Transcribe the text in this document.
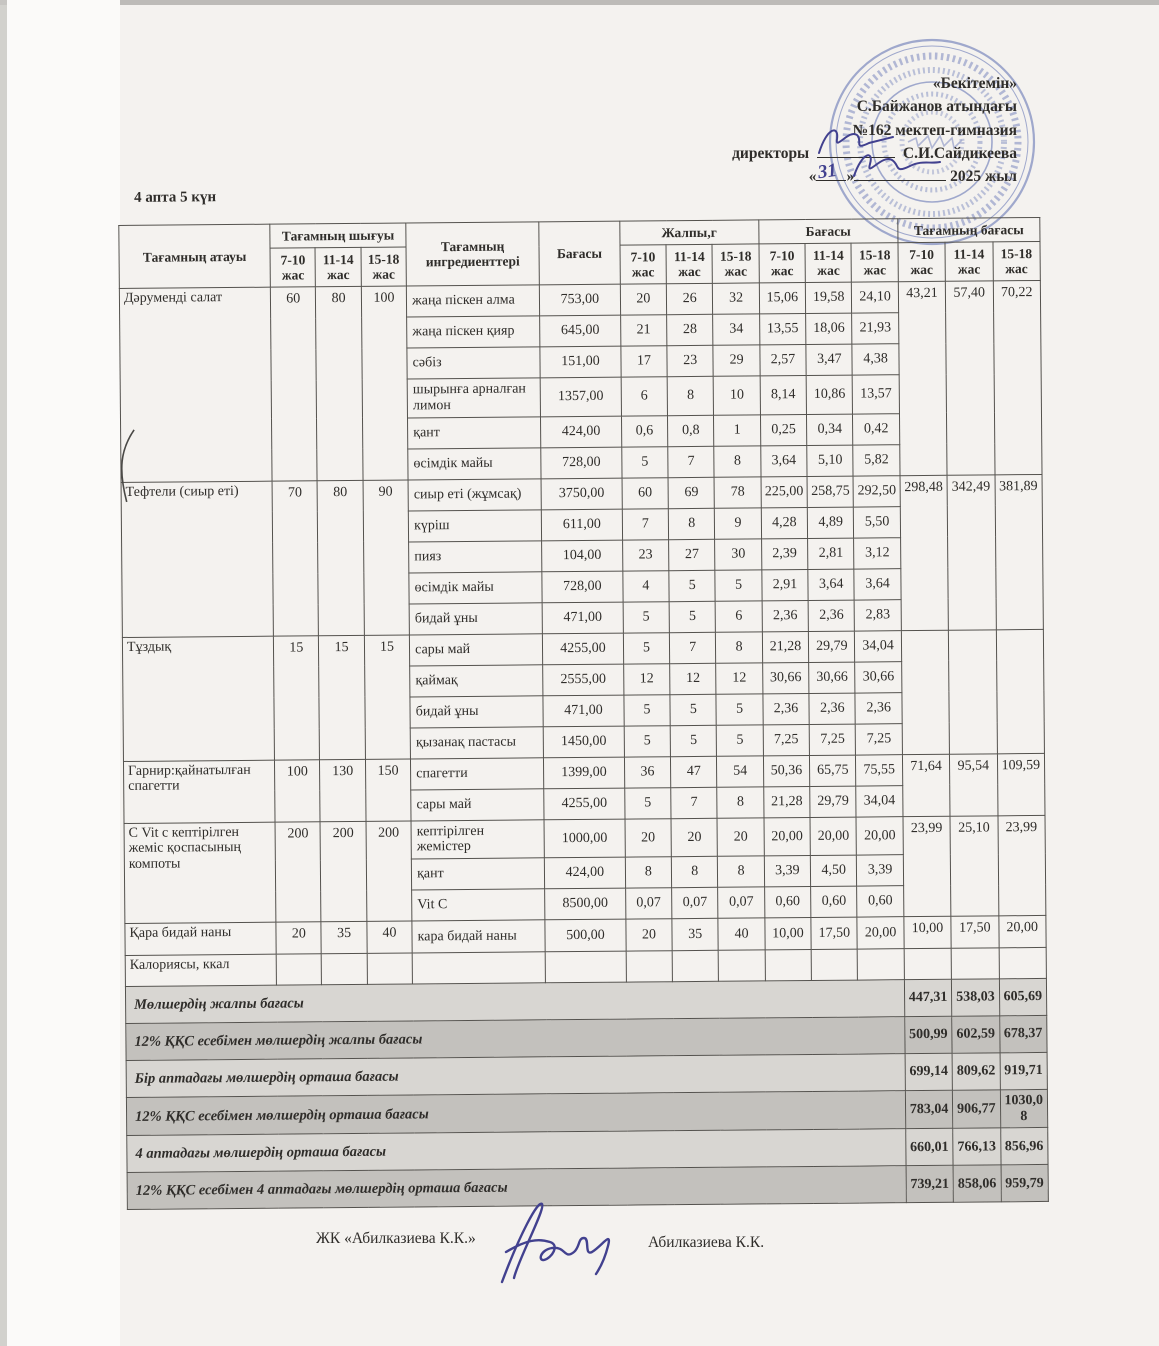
«Бекітемін»
С.Байжанов атындағы
№162 мектеп-гимназия
директоры	С.И.Сайдикеева
« 31 »	2025 жыл
4 апта 5 күн
Тағамның атауы	Тағамның шығуы			Тағамның ингредиенттері	Бағасы	Жалпы,г			Бағасы			Тағамның бағасы		
	7-10 жас	11-14 жас	15-18 жас			7-10 жас	11-14 жас	15-18 жас	7-10 жас	11-14 жас	15-18 жас	7-10 жас	11-14 жас	15-18 жас
Дәруменді салат	60	80	100	жаңа піскен алма	753,00	20	26	32	15,06	19,58	24,10	43,21	57,40	70,22
				жаңа піскен қияр	645,00	21	28	34	13,55	18,06	21,93			
				сәбіз	151,00	17	23	29	2,57	3,47	4,38			
				шырынға арналған лимон	1357,00	6	8	10	8,14	10,86	13,57			
				қант	424,00	0,6	0,8	1	0,25	0,34	0,42			
				өсімдік майы	728,00	5	7	8	3,64	5,10	5,82			
Тефтели (сиыр еті)	70	80	90	сиыр еті (жұмсақ)	3750,00	60	69	78	225,00	258,75	292,50	298,48	342,49	381,89
				күріш	611,00	7	8	9	4,28	4,89	5,50			
				пияз	104,00	23	27	30	2,39	2,81	3,12			
				өсімдік майы	728,00	4	5	5	2,91	3,64	3,64			
				бидай ұны	471,00	5	5	6	2,36	2,36	2,83			
Тұздық	15	15	15	сары май	4255,00	5	7	8	21,28	29,79	34,04			
				қаймақ	2555,00	12	12	12	30,66	30,66	30,66			
				бидай ұны	471,00	5	5	5	2,36	2,36	2,36			
				қызанақ пастасы	1450,00	5	5	5	7,25	7,25	7,25			
Гарнир:қайнатылған спагетти	100	130	150	спагетти	1399,00	36	47	54	50,36	65,75	75,55	71,64	95,54	109,59
				сары май	4255,00	5	7	8	21,28	29,79	34,04			
С Vit с кептірілген жеміс қоспасының компоты	200	200	200	кептірілген жемістер	1000,00	20	20	20	20,00	20,00	20,00	23,99	25,10	23,99
				қант	424,00	8	8	8	3,39	4,50	3,39			
				Vit C	8500,00	0,07	0,07	0,07	0,60	0,60	0,60			
Қара бидай наны	20	35	40	кара бидай наны	500,00	20	35	40	10,00	17,50	20,00	10,00	17,50	20,00
Калориясы, ккал														
Мөлшердің жалпы бағасы												447,31	538,03	605,69
12% ҚҚС есебімен мөлшердің жалпы бағасы												500,99	602,59	678,37
Бір аптадағы мөлшердің орташа бағасы												699,14	809,62	919,71
12% ҚҚС есебімен мөлшердің орташа бағасы												783,04	906,77	1030,08
4 аптадағы мөлшердің орташа бағасы												660,01	766,13	856,96
12% ҚҚС есебімен 4 аптадағы мөлшердің орташа бағасы												739,21	858,06	959,79
ЖК «Абилказиева К.К.»	Абилказиева К.К.
